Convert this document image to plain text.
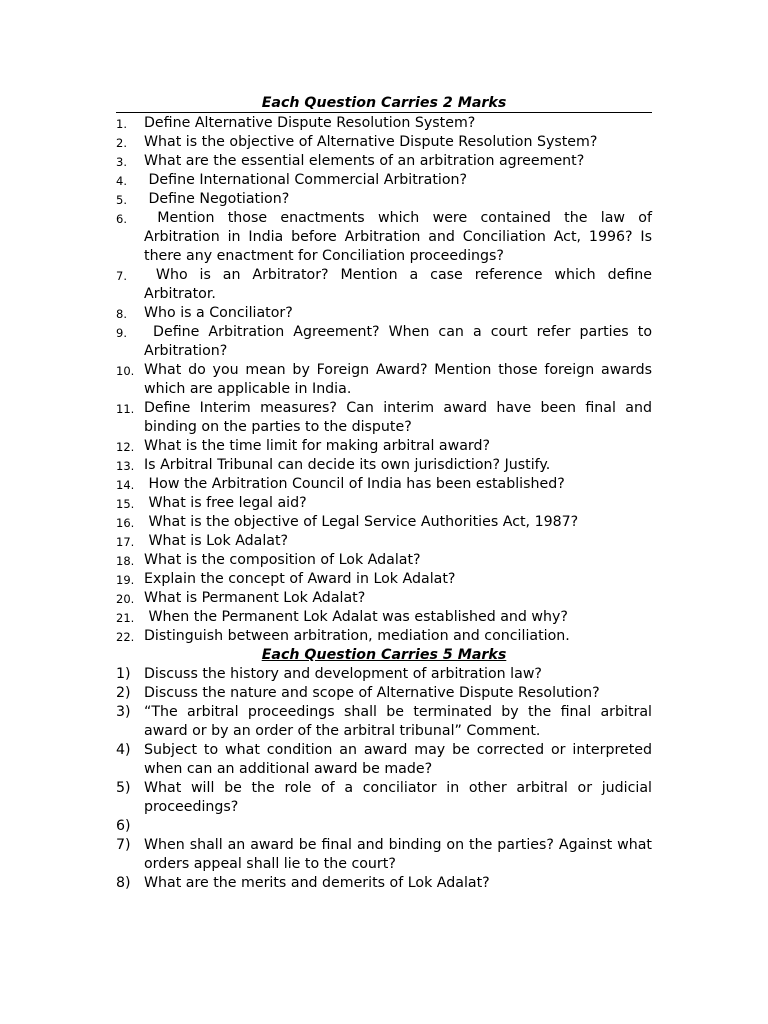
Each Question Carries 2 Marks
1. Define Alternative Dispute Resolution System?
2. What is the objective of Alternative Dispute Resolution System?
3. What are the essential elements of an arbitration agreement?
4. Define International Commercial Arbitration?
5. Define Negotiation?
6. Mention those enactments which were contained the law of Arbitration in India before Arbitration and Conciliation Act, 1996? Is there any enactment for Conciliation proceedings?
7. Who is an Arbitrator? Mention a case reference which define Arbitrator.
8. Who is a Conciliator?
9. Define Arbitration Agreement? When can a court refer parties to Arbitration?
10. What do you mean by Foreign Award? Mention those foreign awards which are applicable in India.
11. Define Interim measures? Can interim award have been final and binding on the parties to the dispute?
12. What is the time limit for making arbitral award?
13. Is Arbitral Tribunal can decide its own jurisdiction? Justify.
14. How the Arbitration Council of India has been established?
15. What is free legal aid?
16. What is the objective of Legal Service Authorities Act, 1987?
17. What is Lok Adalat?
18. What is the composition of Lok Adalat?
19. Explain the concept of Award in Lok Adalat?
20. What is Permanent Lok Adalat?
21. When the Permanent Lok Adalat was established and why?
22. Distinguish between arbitration, mediation and conciliation.
Each Question Carries 5 Marks
1) Discuss the history and development of arbitration law?
2) Discuss the nature and scope of Alternative Dispute Resolution?
3) “The arbitral proceedings shall be terminated by the final arbitral award or by an order of the arbitral tribunal” Comment.
4) Subject to what condition an award may be corrected or interpreted when can an additional award be made?
5) What will be the role of a conciliator in other arbitral or judicial proceedings?
6)
7) When shall an award be final and binding on the parties? Against what orders appeal shall lie to the court?
8) What are the merits and demerits of Lok Adalat?
